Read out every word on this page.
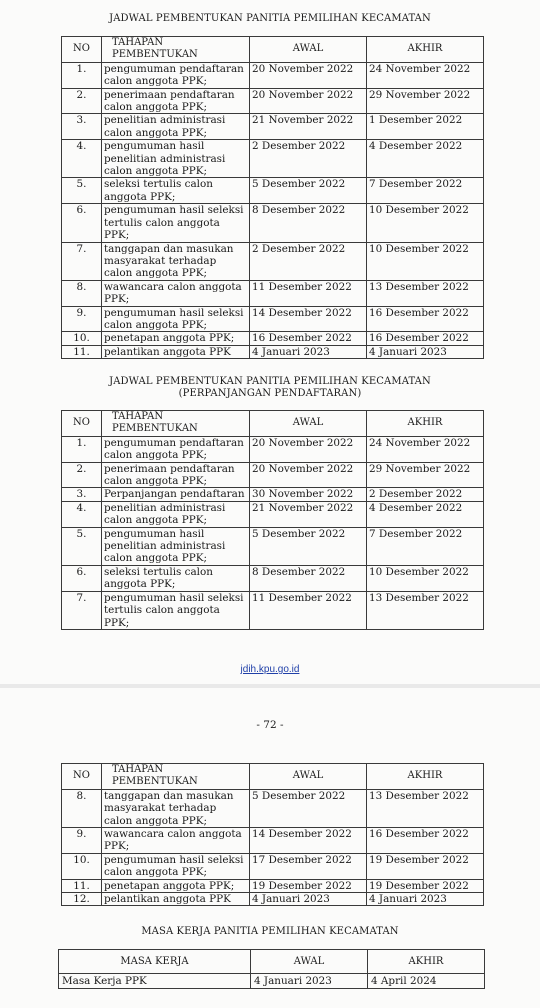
JADWAL PEMBENTUKAN PANITIA PEMILIHAN KECAMATAN
NO	TAHAPAN PEMBENTUKAN	AWAL	AKHIR
1.	pengumuman pendaftaran calon anggota PPK;	20 November 2022	24 November 2022
2.	penerimaan pendaftaran calon anggota PPK;	20 November 2022	29 November 2022
3.	penelitian administrasi calon anggota PPK;	21 November 2022	1 Desember 2022
4.	pengumuman hasil penelitian administrasi calon anggota PPK;	2 Desember 2022	4 Desember 2022
5.	seleksi tertulis calon anggota PPK;	5 Desember 2022	7 Desember 2022
6.	pengumuman hasil seleksi tertulis calon anggota PPK;	8 Desember 2022	10 Desember 2022
7.	tanggapan dan masukan masyarakat terhadap calon anggota PPK;	2 Desember 2022	10 Desember 2022
8.	wawancara calon anggota PPK;	11 Desember 2022	13 Desember 2022
9.	pengumuman hasil seleksi calon anggota PPK;	14 Desember 2022	16 Desember 2022
10.	penetapan anggota PPK;	16 Desember 2022	16 Desember 2022
11.	pelantikan anggota PPK	4 Januari 2023	4 Januari 2023
JADWAL PEMBENTUKAN PANITIA PEMILIHAN KECAMATAN
(PERPANJANGAN PENDAFTARAN)
NO	TAHAPAN PEMBENTUKAN	AWAL	AKHIR
1.	pengumuman pendaftaran calon anggota PPK;	20 November 2022	24 November 2022
2.	penerimaan pendaftaran calon anggota PPK;	20 November 2022	29 November 2022
3.	Perpanjangan pendaftaran	30 November 2022	2 Desember 2022
4.	penelitian administrasi calon anggota PPK;	21 November 2022	4 Desember 2022
5.	pengumuman hasil penelitian administrasi calon anggota PPK;	5 Desember 2022	7 Desember 2022
6.	seleksi tertulis calon anggota PPK;	8 Desember 2022	10 Desember 2022
7.	pengumuman hasil seleksi tertulis calon anggota PPK;	11 Desember 2022	13 Desember 2022
jdih.kpu.go.id
- 72 -
NO	TAHAPAN PEMBENTUKAN	AWAL	AKHIR
8.	tanggapan dan masukan masyarakat terhadap calon anggota PPK;	5 Desember 2022	13 Desember 2022
9.	wawancara calon anggota PPK;	14 Desember 2022	16 Desember 2022
10.	pengumuman hasil seleksi calon anggota PPK;	17 Desember 2022	19 Desember 2022
11.	penetapan anggota PPK;	19 Desember 2022	19 Desember 2022
12.	pelantikan anggota PPK	4 Januari 2023	4 Januari 2023
MASA KERJA PANITIA PEMILIHAN KECAMATAN
MASA KERJA	AWAL	AKHIR
Masa Kerja PPK	4 Januari 2023	4 April 2024
